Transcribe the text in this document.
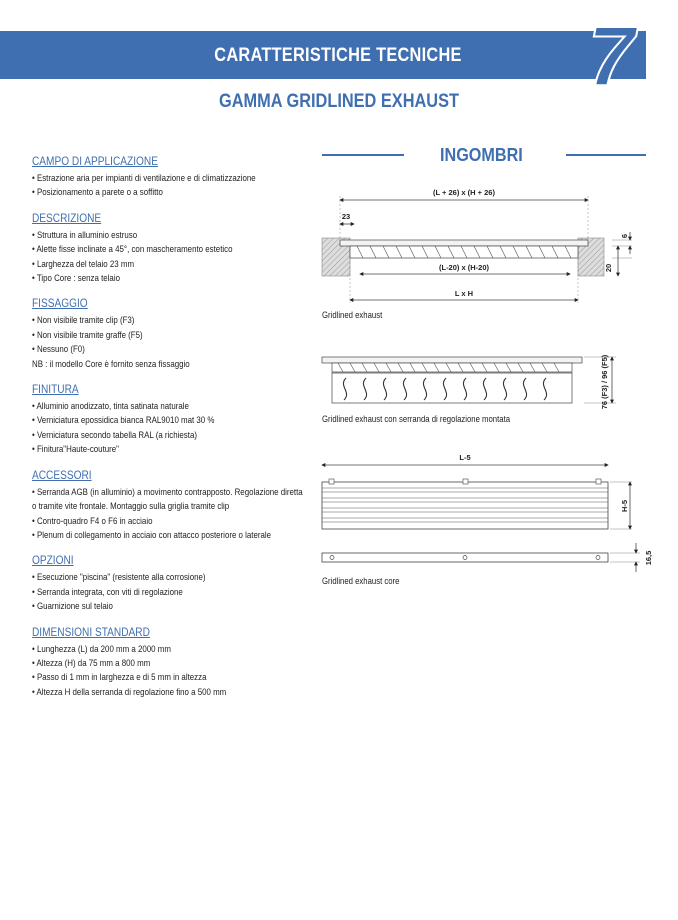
CARATTERISTICHE TECNICHE	7
GAMMA GRIDLINED EXHAUST
CAMPO DI APPLICAZIONE
• Estrazione aria per impianti di ventilazione e di climatizzazione
• Posizionamento a parete o a soffitto
DESCRIZIONE
• Struttura in alluminio estruso
• Alette fisse inclinate a 45°, con mascheramento estetico
• Larghezza del telaio 23 mm
• Tipo Core : senza telaio
FISSAGGIO
• Non visibile tramite clip (F3)
• Non visibile tramite graffe (F5)
• Nessuno (F0)
NB : il modello Core è fornito senza fissaggio
FINITURA
• Alluminio anodizzato, tinta satinata naturale
• Verniciatura epossidica bianca RAL9010 mat 30 %
• Verniciatura secondo tabella RAL (a richiesta)
• Finitura"Haute-couture"
ACCESSORI
• Serranda AGB (in alluminio) a movimento contrapposto. Regolazione diretta o tramite vite frontale. Montaggio sulla griglia tramite clip
• Contro-quadro F4 o F6 in acciaio
• Plenum di collegamento in acciaio con attacco posteriore o laterale
OPZIONI
• Esecuzione "piscina" (resistente alla corrosione)
• Serranda integrata, con viti di regolazione
• Guarnizione sul telaio
DIMENSIONI STANDARD
• Lunghezza (L) da 200 mm a 2000 mm
• Altezza (H) da 75 mm a 800 mm
• Passo di 1 mm in larghezza e di 5 mm in altezza
• Altezza H della serranda di regolazione fino a 500 mm
INGOMBRI
(L + 26) x (H + 26)
23
6
20
(L-20) x (H-20)
L x H
76 (F3) / 96 (F5)
L-5
H-5
16,5
Gridlined exhaust
Gridlined exhaust con serranda di regolazione montata
Gridlined exhaust core
